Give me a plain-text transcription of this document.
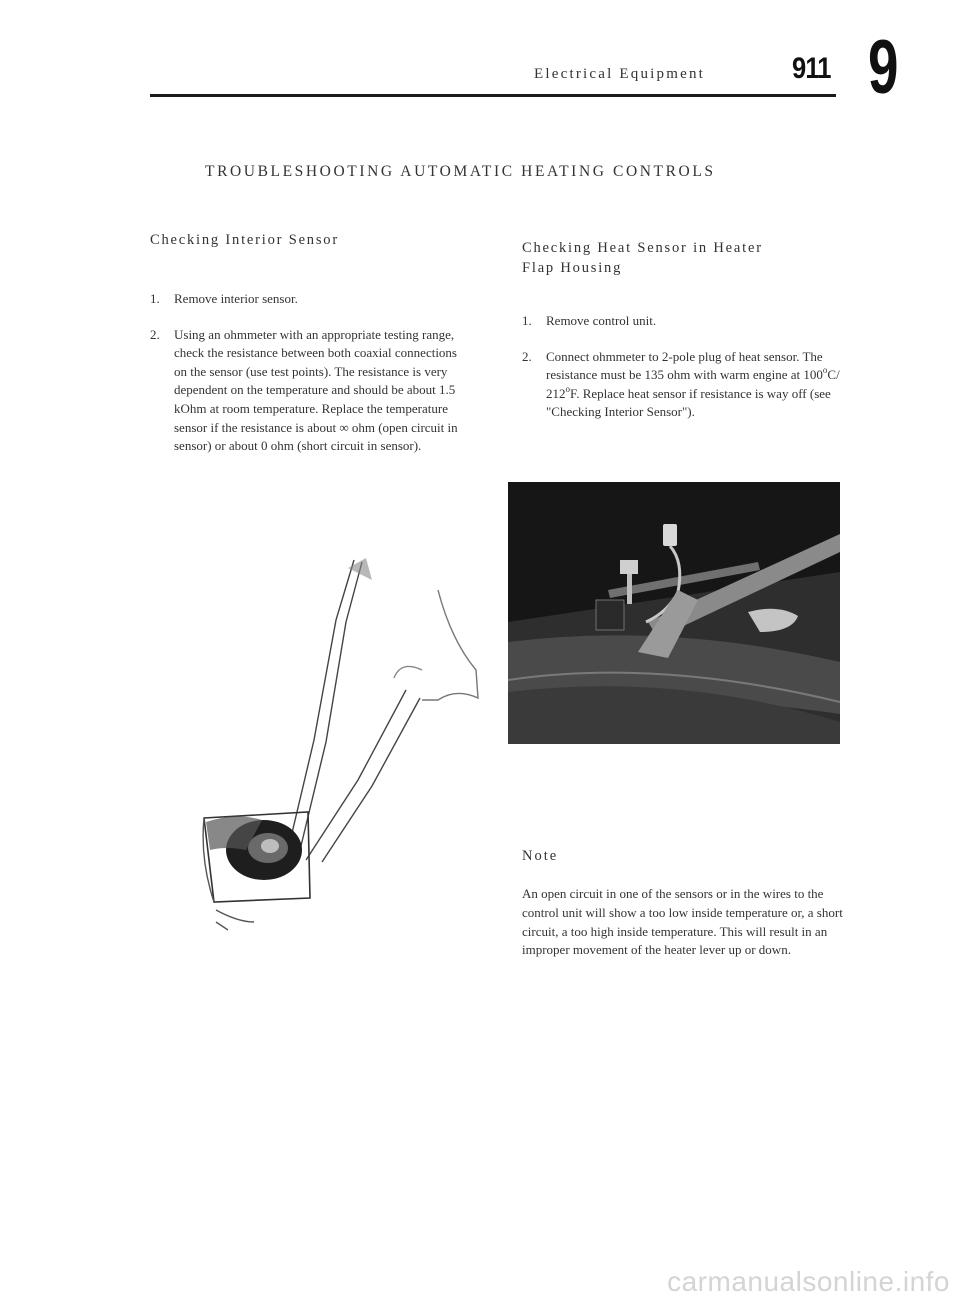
Electrical Equipment	911 9
TROUBLESHOOTING AUTOMATIC HEATING CONTROLS
Checking Interior Sensor
1. Remove interior sensor.
2. Using an ohmmeter with an appropriate testing range, check the resistance between both coaxial connections on the sensor (use test points). The resistance is very dependent on the temperature and should be about 1.5 kOhm at room temperature. Replace the temperature sensor if the resistance is about ∞ ohm (open circuit in sensor) or about 0 ohm (short circuit in sensor).
Checking Heat Sensor in Heater
Flap Housing
1. Remove control unit.
2. Connect ohmmeter to 2-pole plug of heat sensor. The resistance must be 135 ohm with warm engine at 100$^o$C/ 212$^o$F. Replace heat sensor if resistance is way off (see "Checking Interior Sensor").
Note
An open circuit in one of the sensors or in the wires to the control unit will show a too low inside temperature or, a short circuit, a too high inside temperature. This will result in an improper movement of the heater lever up or down.
carmanualsonline.info
